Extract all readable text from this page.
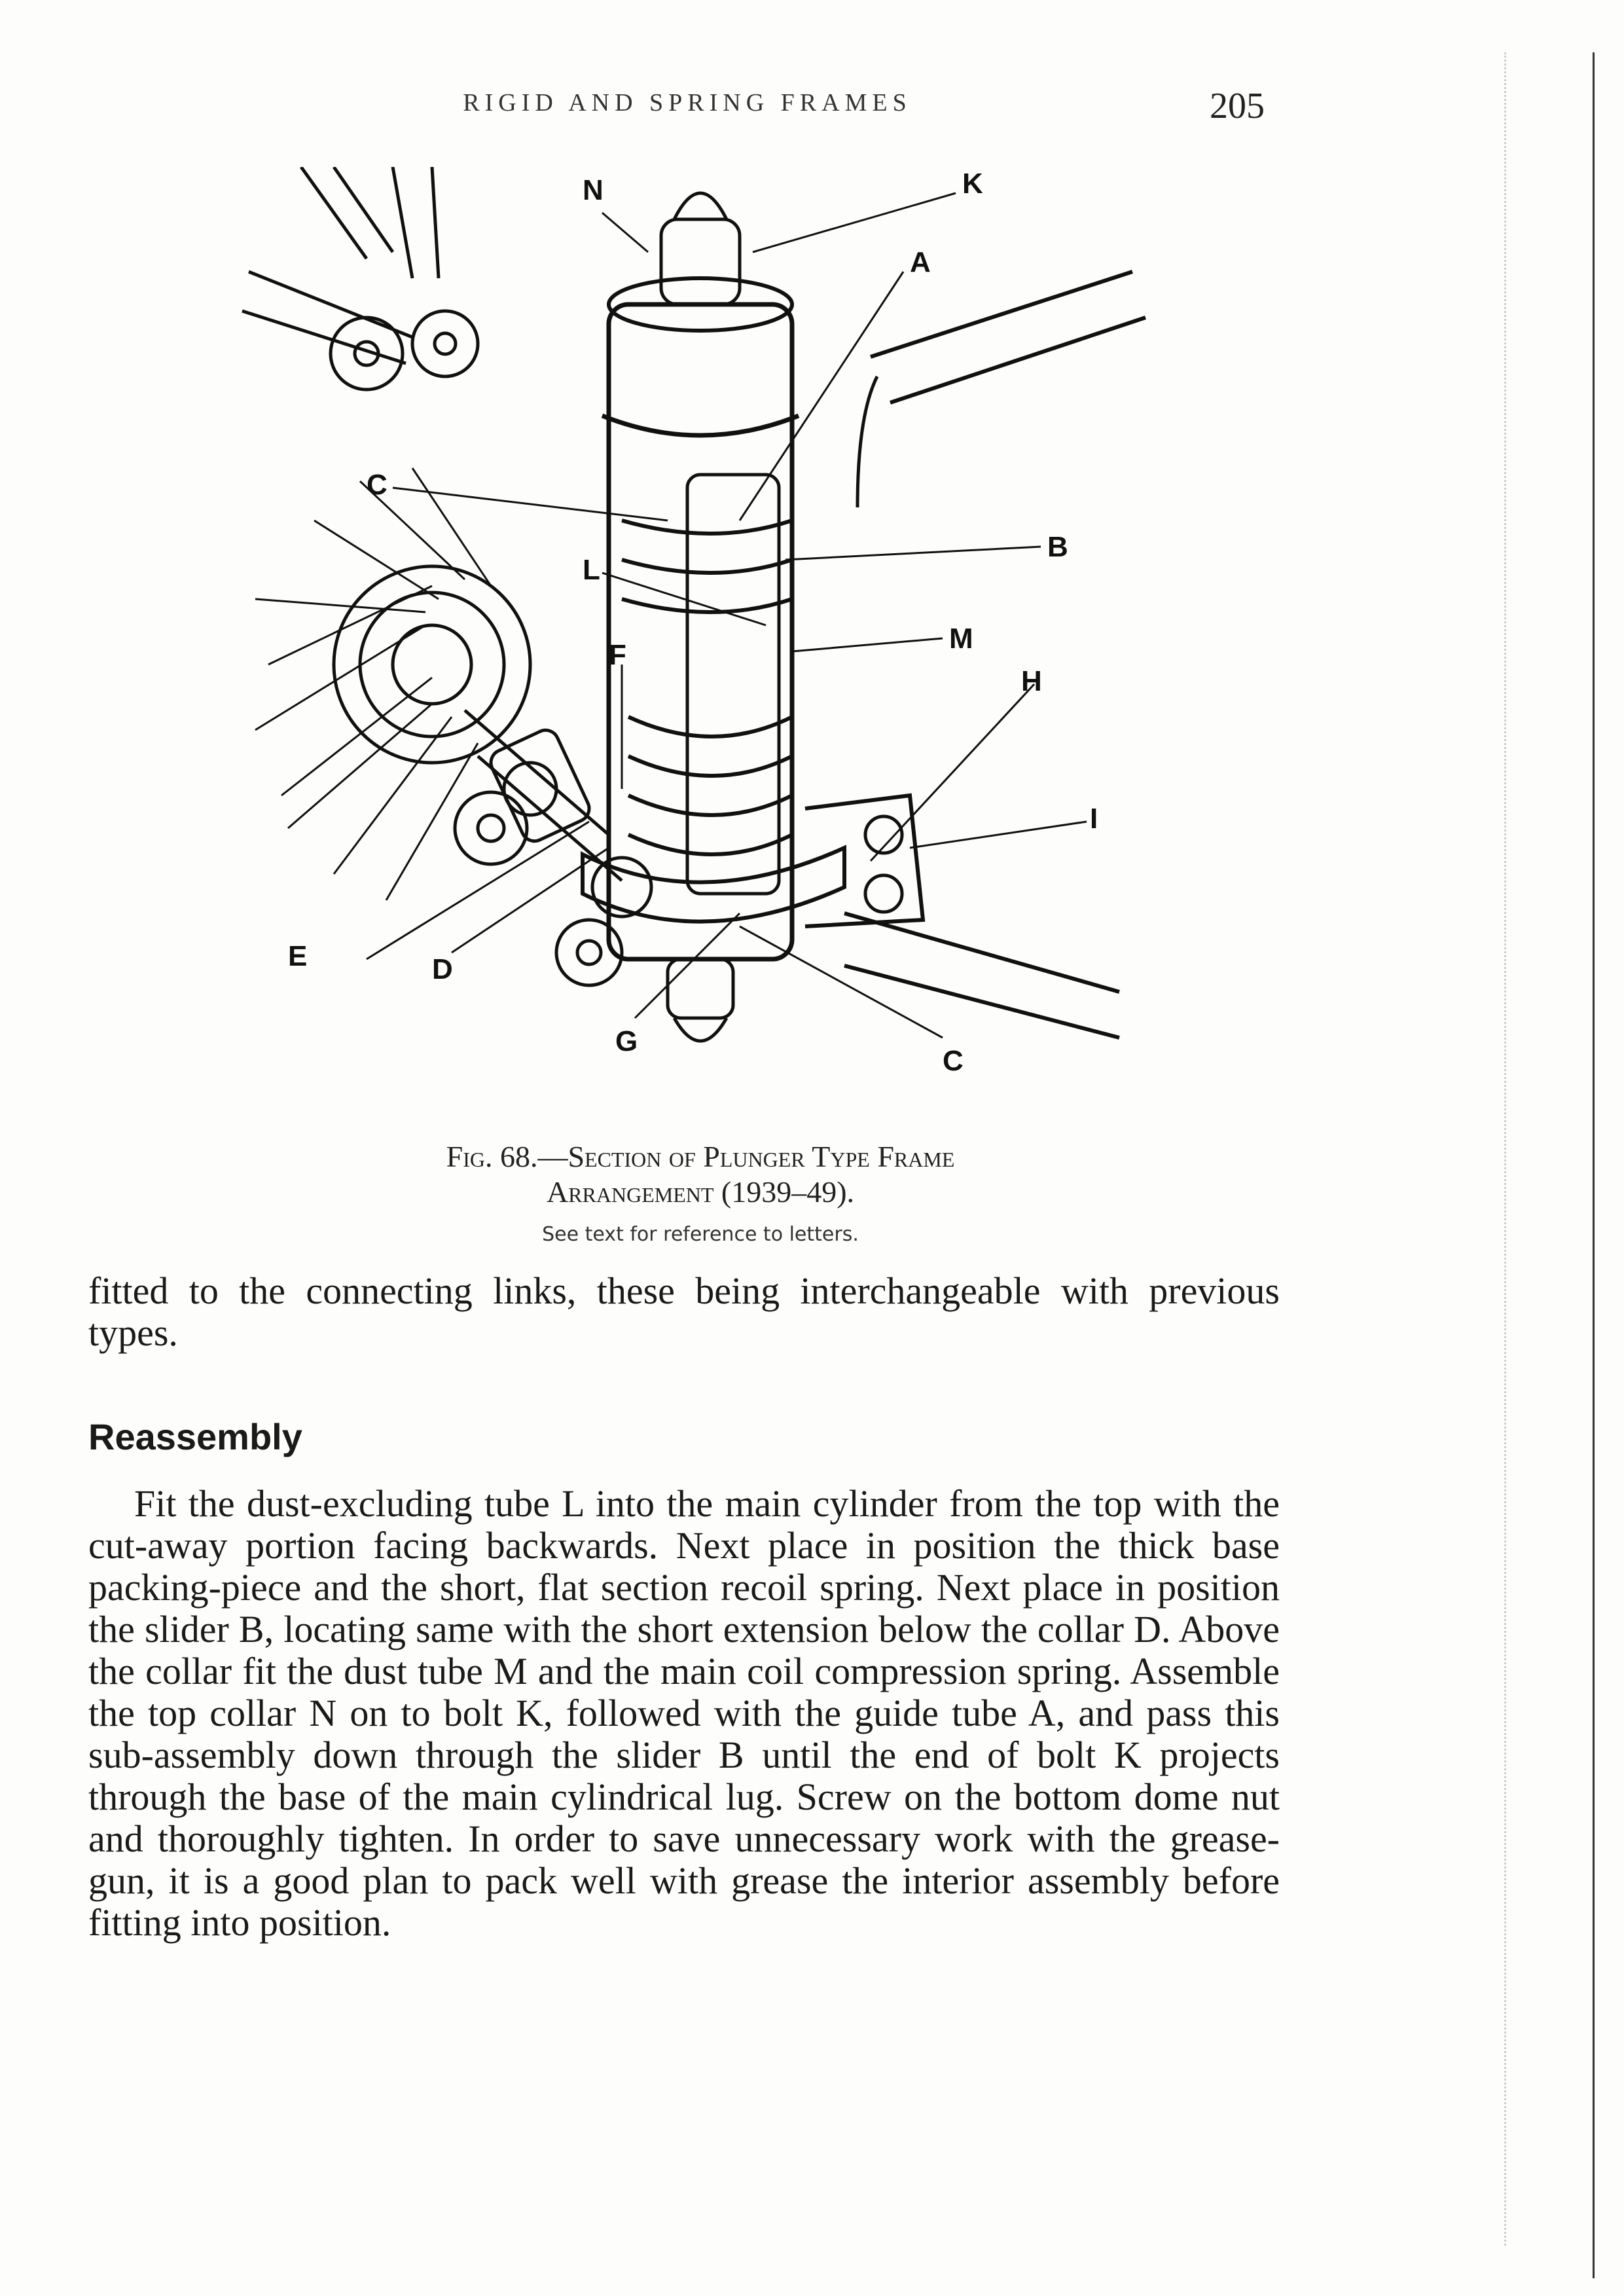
RIGID AND SPRING FRAMES	205
N	K
A
C
B
L
M
F
H
I
E	D
G
C
Fig. 68.—Section of Plunger Type Frame
Arrangement (1939–49).
See text for reference to letters.
fitted to the connecting links, these being interchangeable with previous types.
Reassembly
Fit the dust-excluding tube L into the main cylinder from the top with the cut-away portion facing backwards. Next place in position the thick base packing-piece and the short, flat section recoil spring. Next place in position the slider B, locating same with the short extension below the collar D. Above the collar fit the dust tube M and the main coil compression spring. Assemble the top collar N on to bolt K, followed with the guide tube A, and pass this sub-assembly down through the slider B until the end of bolt K projects through the base of the main cylindrical lug. Screw on the bottom dome nut and thoroughly tighten. In order to save unnecessary work with the grease-gun, it is a good plan to pack well with grease the interior assembly before fitting into position.
